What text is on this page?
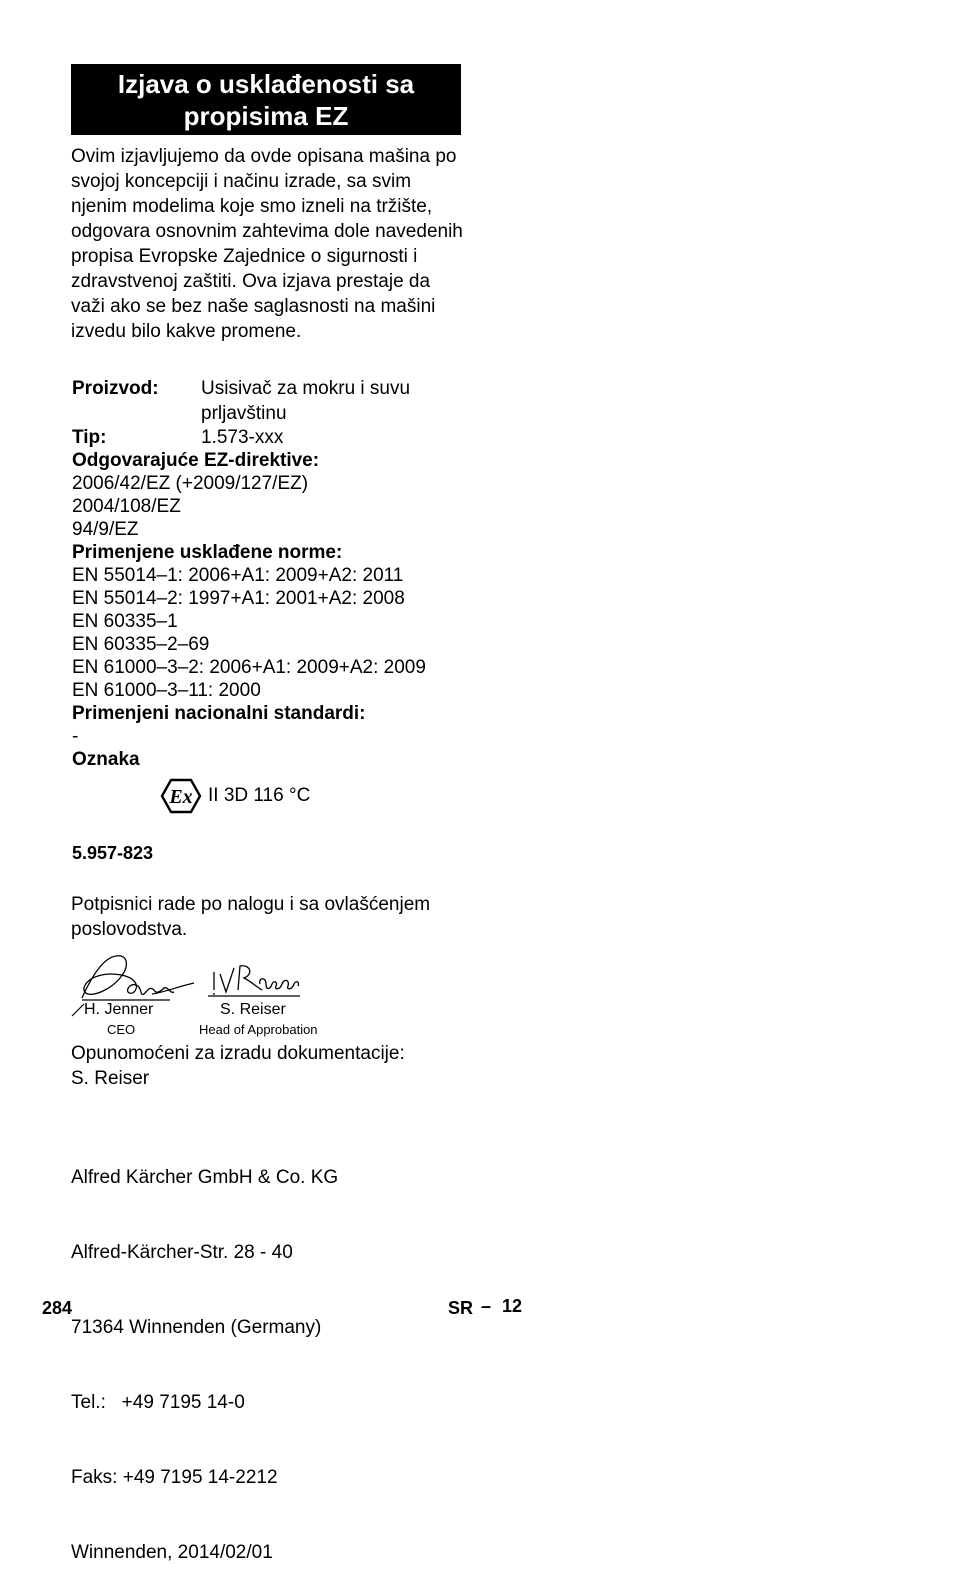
Izjava o usklađenosti sa propisima EZ

Ovim izjavljujemo da ovde opisana mašina po svojoj koncepciji i načinu izrade, sa svim njenim modelima koje smo izneli na tržište, odgovara osnovnim zahtevima dole navedenih propisa Evropske Zajednice o sigurnosti i zdravstvenoj zaštiti. Ova izjava prestaje da važi ako se bez naše saglasnosti na mašini izvedu bilo kakve promene.

Proizvod:	Usisivač za mokru i suvu prljavštinu
Tip:	1.573-xxx
Odgovarajuće EZ-direktive:
2006/42/EZ (+2009/127/EZ)
2004/108/EZ
94/9/EZ
Primenjene usklađene norme:
EN 55014–1: 2006+A1: 2009+A2: 2011
EN 55014–2: 1997+A1: 2001+A2: 2008
EN 60335–1
EN 60335–2–69
EN 61000–3–2: 2006+A1: 2009+A2: 2009
EN 61000–3–11: 2000
Primenjeni nacionalni standardi:
-
Oznaka
Ex II 3D 116 °C
5.957-823

Potpisnici rade po nalogu i sa ovlašćenjem poslovodstva.

H. Jenner
CEO
S. Reiser
Head of Approbation
Opunomoćeni za izradu dokumentacije:
S. Reiser

Alfred Kärcher GmbH & Co. KG

Alfred-Kärcher-Str. 28 - 40

71364 Winnenden (Germany)

Tel.:   +49 7195 14-0

Faks: +49 7195 14-2212

Winnenden, 2014/02/01

284	SR – 12
